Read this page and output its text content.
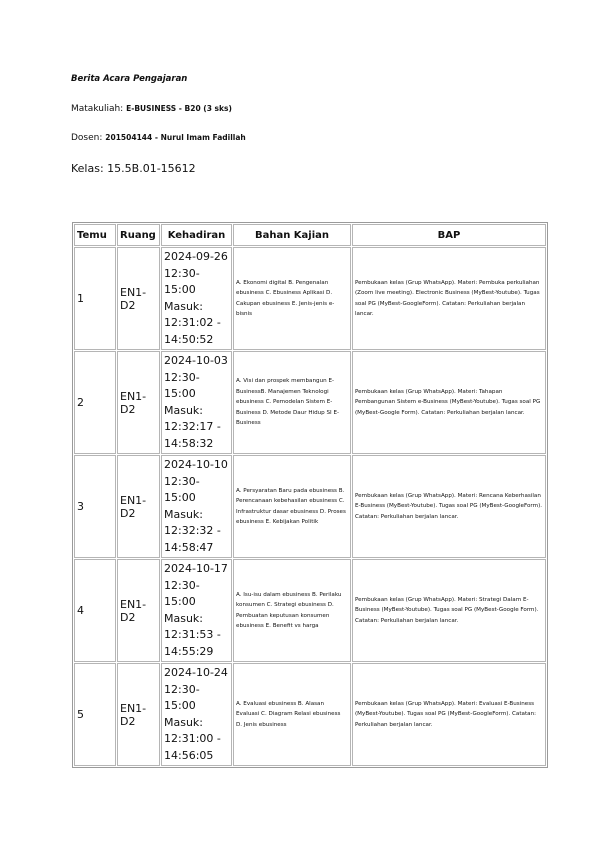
Berita Acara Pengajaran
Matakuliah: E-BUSINESS - B20 (3 sks)
Dosen: 201504144 - Nurul Imam Fadillah
Kelas: 15.5B.01-15612
Temu	Ruang	Kehadiran	Bahan Kajian	BAP
1	EN1-D2	2024-09-26 12:30-15:00 Masuk: 12:31:02 - 14:50:52	A. Ekonomi digital B. Pengenalan ebusiness C. Ebusiness Aplikasi D. Cakupan ebusiness E. Jenis-jenis e-bisnis	Pembukaan kelas (Grup WhatsApp). Materi: Pembuka perkuliahan (Zoom live meeting). Electronic Business (MyBest-Youtube). Tugas soal PG (MyBest-GoogleForm). Catatan: Perkuliahan berjalan lancar.
2	EN1-D2	2024-10-03 12:30-15:00 Masuk: 12:32:17 - 14:58:32	A. Visi dan prospek membangun E-BusinessB. Manajemen Teknologi ebusiness C. Pemodelan Sistem E-Business D. Metode Daur Hidup SI E-Business	Pembukaan kelas (Grup WhatsApp). Materi: Tahapan Pembangunan Sistem e-Business (MyBest-Youtube). Tugas soal PG (MyBest-Google Form). Catatan: Perkuliahan berjalan lancar.
3	EN1-D2	2024-10-10 12:30-15:00 Masuk: 12:32:32 - 14:58:47	A. Persyaratan Baru pada ebusiness B. Perencanaan kebehasilan ebusiness C. Infrastruktur dasar ebusiness D. Proses ebusiness E. Kebijakan Politik	Pembukaan kelas (Grup WhatsApp). Materi: Rencana Keberhasilan E-Business (MyBest-Youtube). Tugas soal PG (MyBest-GoogleForm). Catatan: Perkuliahan berjalan lancar.
4	EN1-D2	2024-10-17 12:30-15:00 Masuk: 12:31:53 - 14:55:29	A. Isu-isu dalam ebusiness B. Perilaku konsumen C. Strategi ebusiness D. Pembuatan keputusan konsumen ebusiness E. Benefit vs harga	Pembukaan kelas (Grup WhatsApp). Materi: Strategi Dalam E-Business (MyBest-Youtube). Tugas soal PG (MyBest-Google Form). Catatan: Perkuliahan berjalan lancar.
5	EN1-D2	2024-10-24 12:30-15:00 Masuk: 12:31:00 - 14:56:05	A. Evaluasi ebusiness B. Alasan Evaluasi C. Diagram Relasi ebusiness D. Jenis ebusiness	Pembukaan kelas (Grup WhatsApp). Materi: Evaluasi E-Business (MyBest-Youtube). Tugas soal PG (MyBest-GoogleForm). Catatan: Perkuliahan berjalan lancar.
